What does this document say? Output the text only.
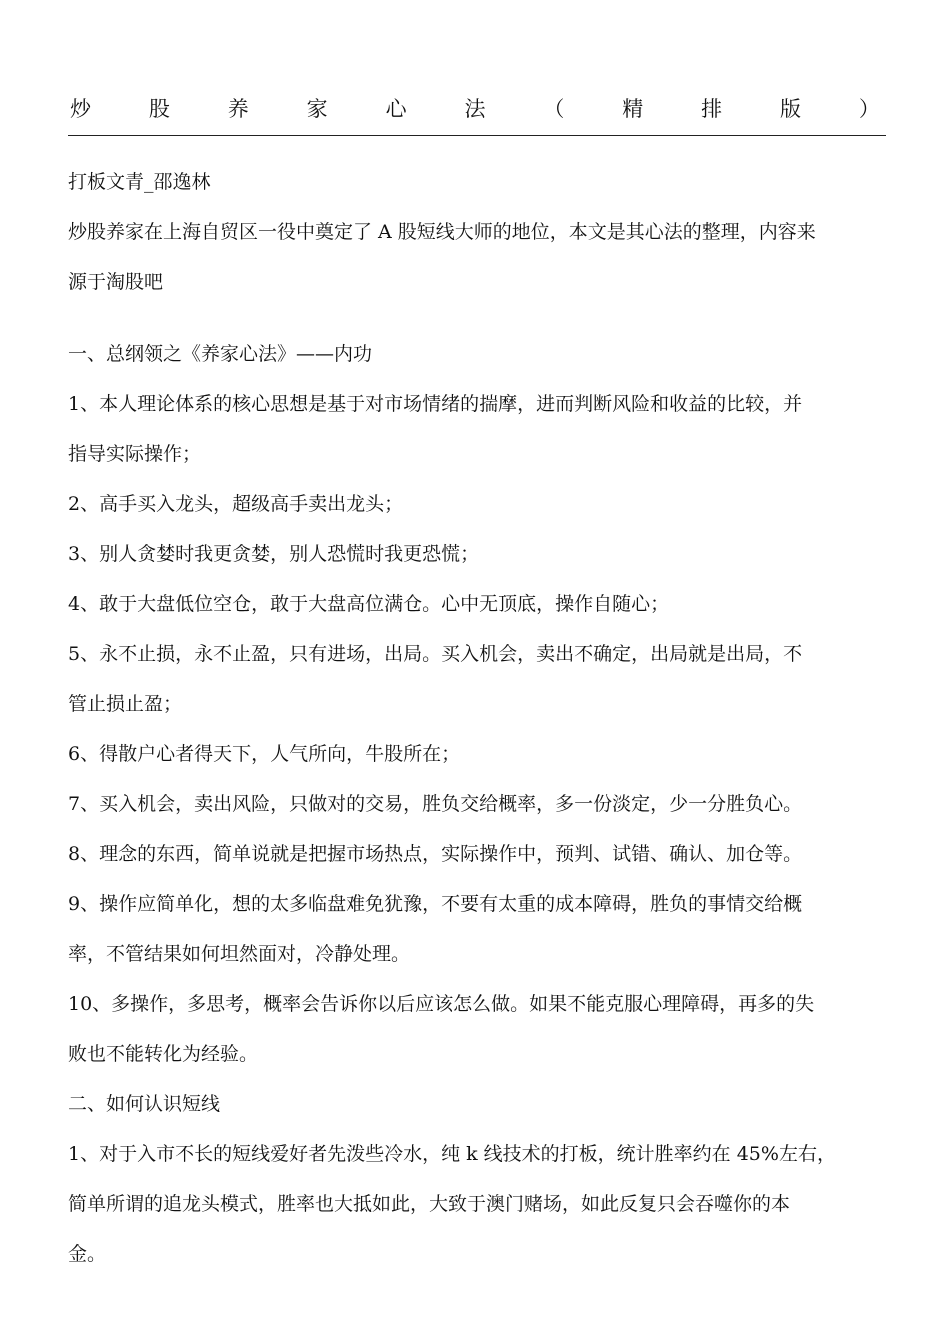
炒	股	养	家	心	法	（	精	排	版	）
打板文青_邵逸林
炒股养家在上海自贸区一役中奠定了 A 股短线大师的地位，本文是其心法的整理，内容来
源于淘股吧
一、总纲领之《养家心法》——内功
1、本人理论体系的核心思想是基于对市场情绪的揣摩，进而判断风险和收益的比较，并
指导实际操作；
2、高手买入龙头，超级高手卖出龙头；
3、别人贪婪时我更贪婪，别人恐慌时我更恐慌；
4、敢于大盘低位空仓，敢于大盘高位满仓。心中无顶底，操作自随心；
5、永不止损，永不止盈，只有进场，出局。买入机会，卖出不确定，出局就是出局，不
管止损止盈；
6、得散户心者得天下，人气所向，牛股所在；
7、买入机会，卖出风险，只做对的交易，胜负交给概率，多一份淡定，少一分胜负心。
8、理念的东西，简单说就是把握市场热点，实际操作中，预判、试错、确认、加仓等。
9、操作应简单化，想的太多临盘难免犹豫，不要有太重的成本障碍，胜负的事情交给概
率，不管结果如何坦然面对，冷静处理。
10、多操作，多思考，概率会告诉你以后应该怎么做。如果不能克服心理障碍，再多的失
败也不能转化为经验。
二、如何认识短线
1、对于入市不长的短线爱好者先泼些冷水，纯 k 线技术的打板，统计胜率约在 45%左右，
简单所谓的追龙头模式，胜率也大抵如此，大致于澳门赌场，如此反复只会吞噬你的本
金。
